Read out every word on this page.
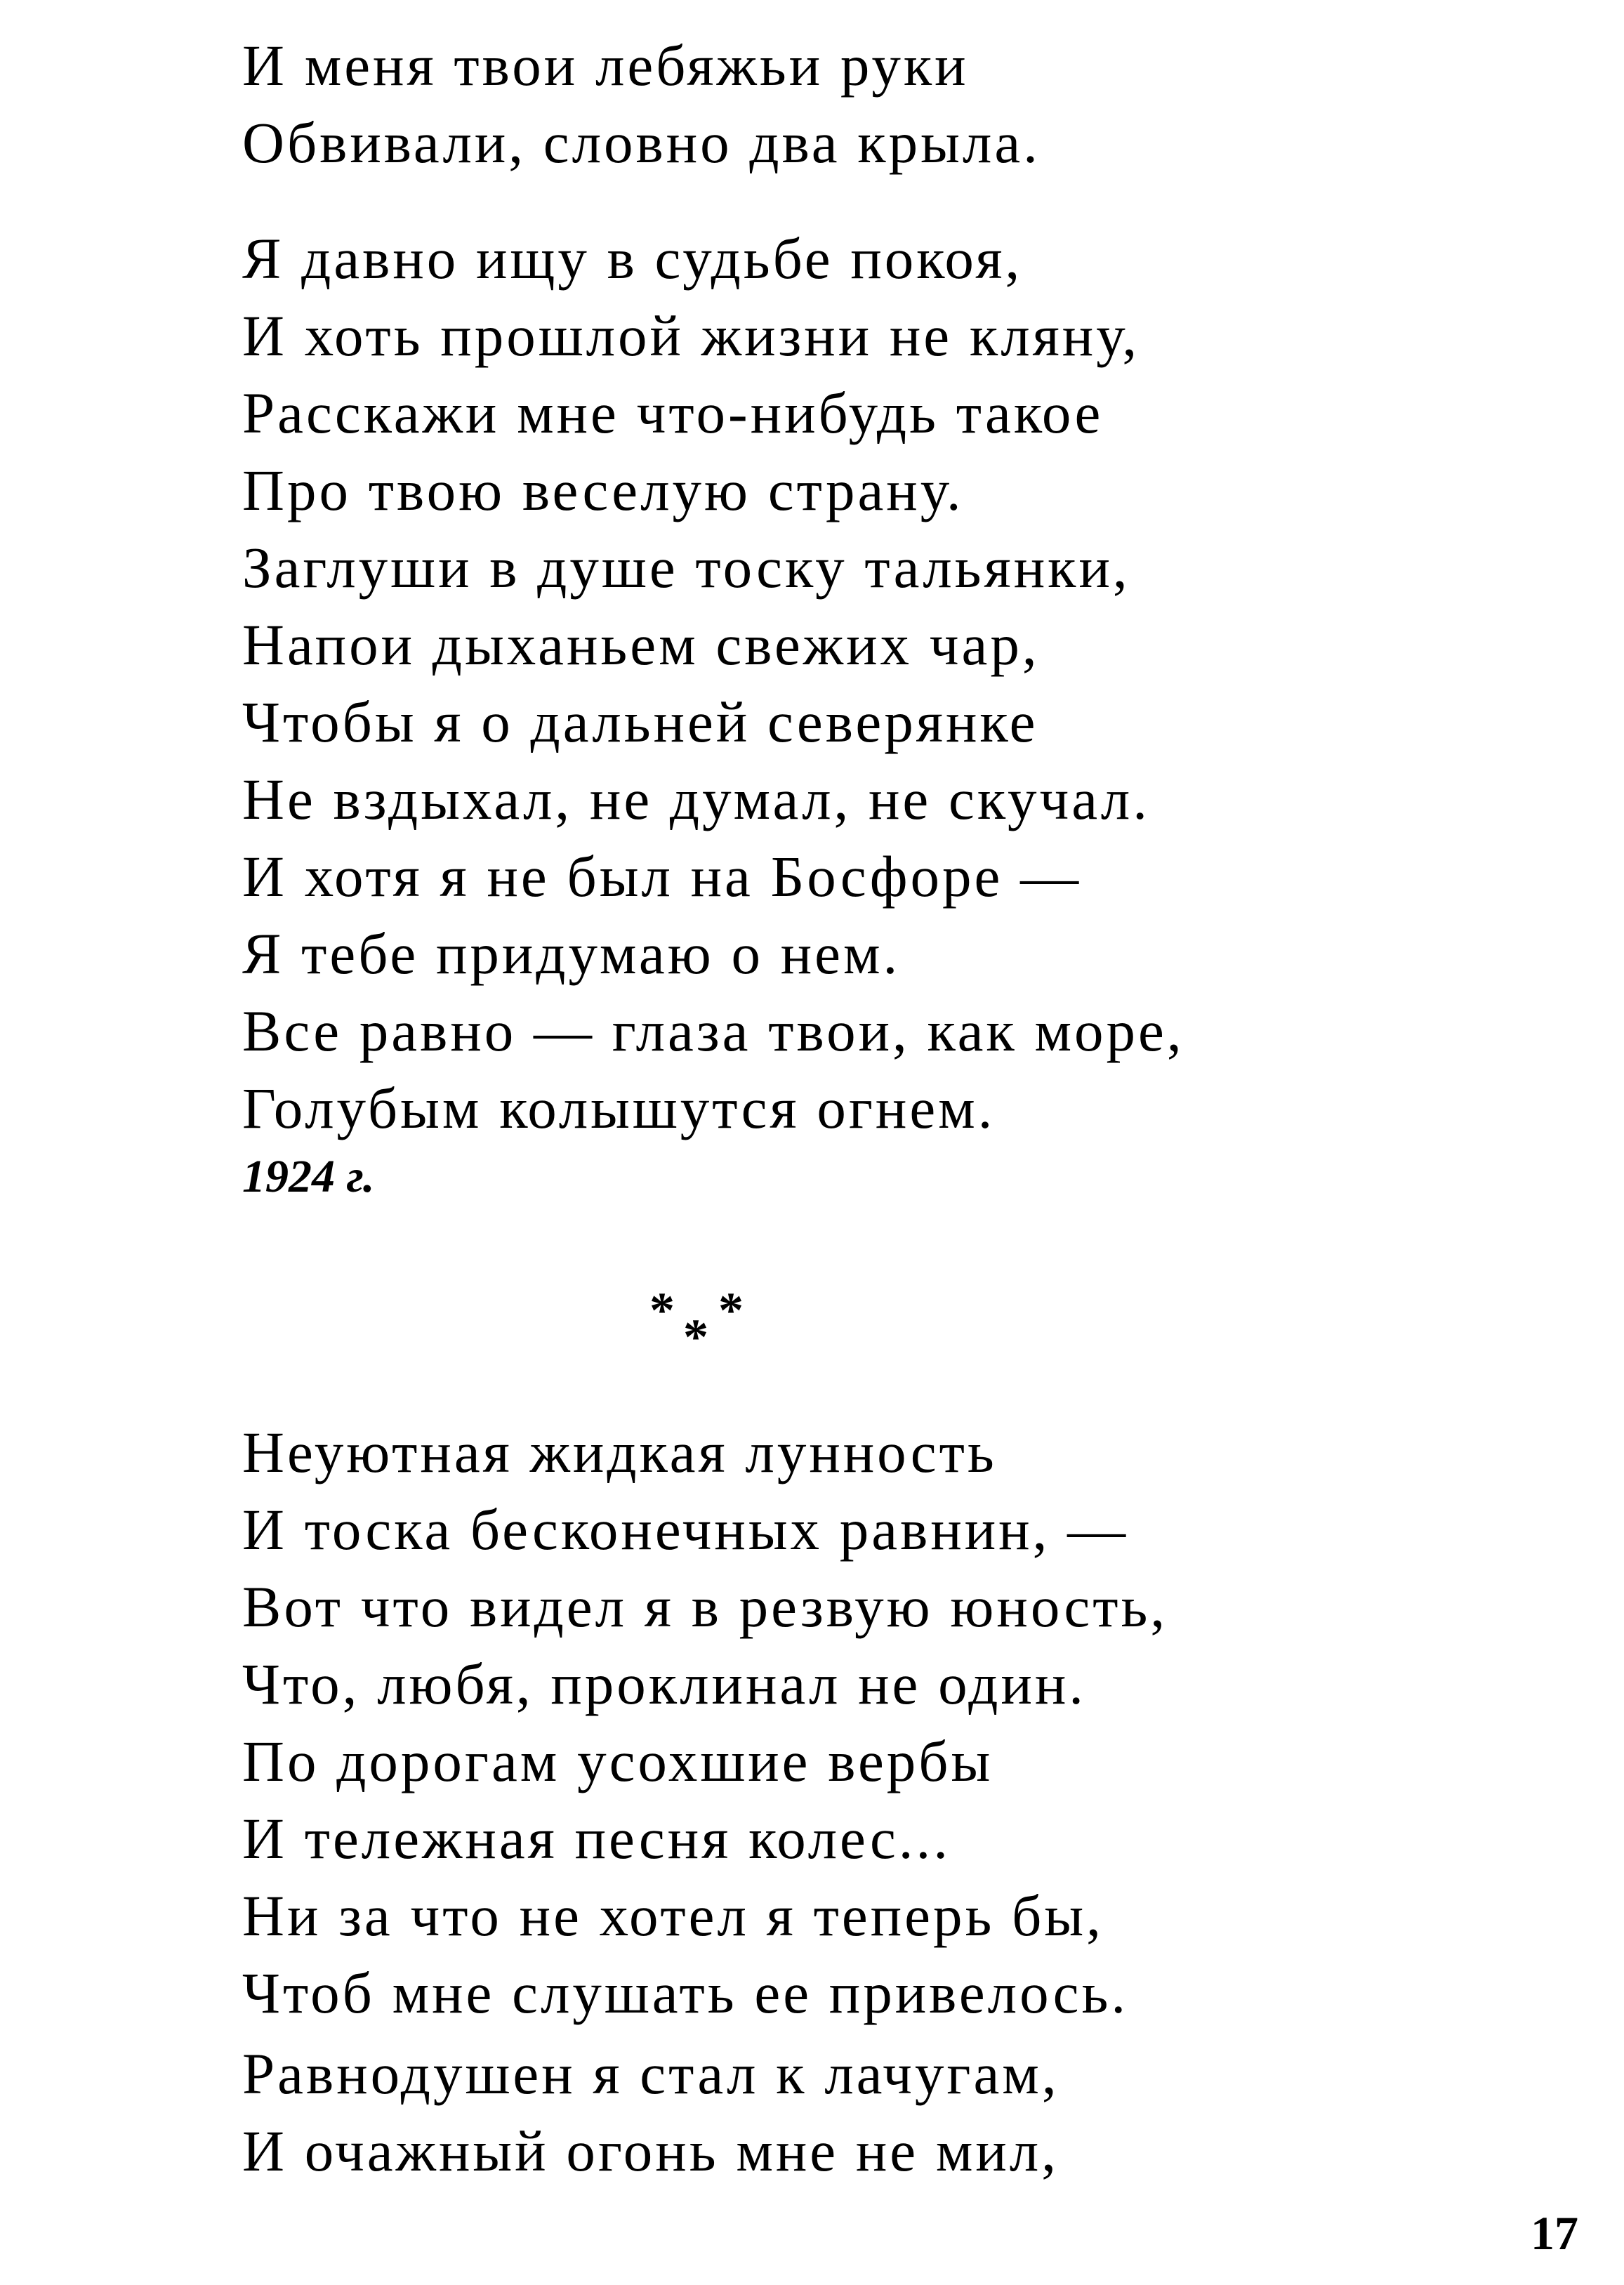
И меня твои лебяжьи руки
Обвивали, словно два крыла.
Я давно ищу в судьбе покоя,
И хоть прошлой жизни не кляну,
Расскажи мне что-нибудь такое
Про твою веселую страну.
Заглуши в душе тоску тальянки,
Напои дыханьем свежих чар,
Чтобы я о дальней северянке
Не вздыхал, не думал, не скучал.
И хотя я не был на Босфоре —
Я тебе придумаю о нем.
Все равно — глаза твои, как море,
Голубым колышутся огнем.
1924 г.
* * *
Неуютная жидкая лунность
И тоска бесконечных равнин, —
Вот что видел я в резвую юность,
Что, любя, проклинал не один.
По дорогам усохшие вербы
И тележная песня колес...
Ни за что не хотел я теперь бы,
Чтоб мне слушать ее привелось.
Равнодушен я стал к лачугам,
И очажный огонь мне не мил,
17
